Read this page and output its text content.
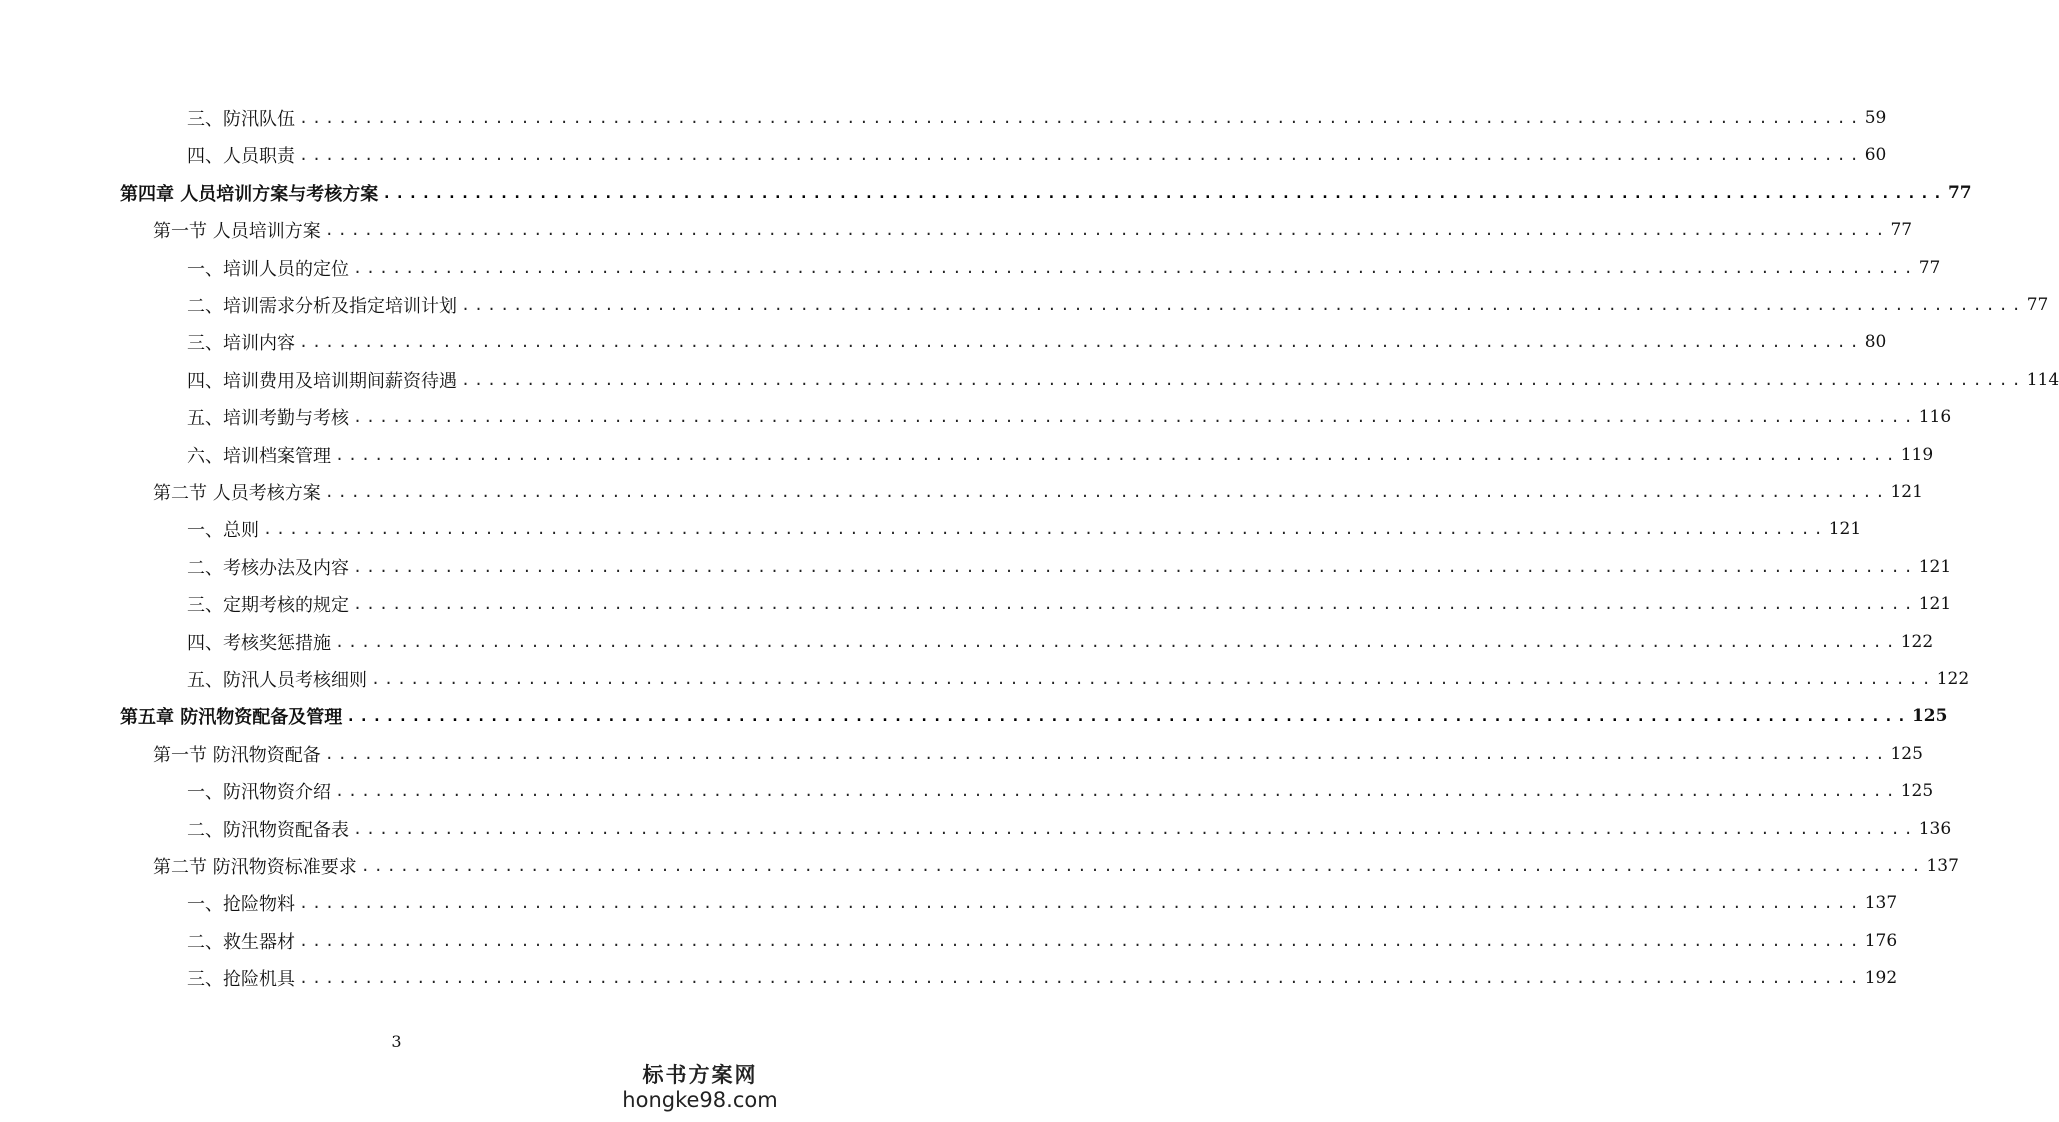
三、防汛队伍 ........................................................................................................................ 59
四、人员职责 ........................................................................................................................ 60
第四章 人员培训方案与考核方案 ........................................................................................................................ 77
第一节 人员培训方案 ........................................................................................................................ 77
一、培训人员的定位 ........................................................................................................................ 77
二、培训需求分析及指定培训计划 ........................................................................................................................ 77
三、培训内容 ........................................................................................................................ 80
四、培训费用及培训期间薪资待遇 ........................................................................................................................ 114
五、培训考勤与考核 ........................................................................................................................ 116
六、培训档案管理 ........................................................................................................................ 119
第二节 人员考核方案 ........................................................................................................................ 121
一、总则 ........................................................................................................................ 121
二、考核办法及内容 ........................................................................................................................ 121
三、定期考核的规定 ........................................................................................................................ 121
四、考核奖惩措施 ........................................................................................................................ 122
五、防汛人员考核细则 ........................................................................................................................ 122
第五章 防汛物资配备及管理 ........................................................................................................................ 125
第一节 防汛物资配备 ........................................................................................................................ 125
一、防汛物资介绍 ........................................................................................................................ 125
二、防汛物资配备表 ........................................................................................................................ 136
第二节 防汛物资标准要求 ........................................................................................................................ 137
一、抢险物料 ........................................................................................................................ 137
二、救生器材 ........................................................................................................................ 176
三、抢险机具 ........................................................................................................................ 192
3
标书方案网
hongke98.com
